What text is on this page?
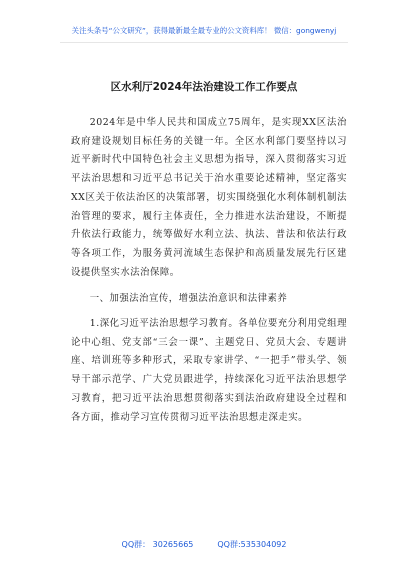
关注头条号“公文研究”，获得最新最全最专业的公文资料库！ 微信：gongwenyj
区水利厅2024年法治建设工作工作要点

2024年是中华人民共和国成立75周年，是实现XX区法治政府建设规划目标任务的关键一年。全区水利部门要坚持以习近平新时代中国特色社会主义思想为指导，深入贯彻落实习近平法治思想和习近平总书记关于治水重要论述精神，坚定落实XX区关于依法治区的决策部署，切实围绕强化水利体制机制法治管理的要求，履行主体责任，全力推进水法治建设，不断提升依法行政能力，统筹做好水利立法、执法、普法和依法行政等各项工作，为服务黄河流域生态保护和高质量发展先行区建设提供坚实水法治保障。

一、加强法治宣传，增强法治意识和法律素养

1.深化习近平法治思想学习教育。各单位要充分利用党组理论中心组、党支部“三会一课”、主题党日、党员大会、专题讲座、培训班等多种形式，采取专家讲学、“一把手”带头学、领导干部示范学、广大党员跟进学，持续深化习近平法治思想学习教育，把习近平法治思想贯彻落实到法治政府建设全过程和各方面，推动学习宣传贯彻习近平法治思想走深走实。

QQ群： 30265665	QQ群:535304092
